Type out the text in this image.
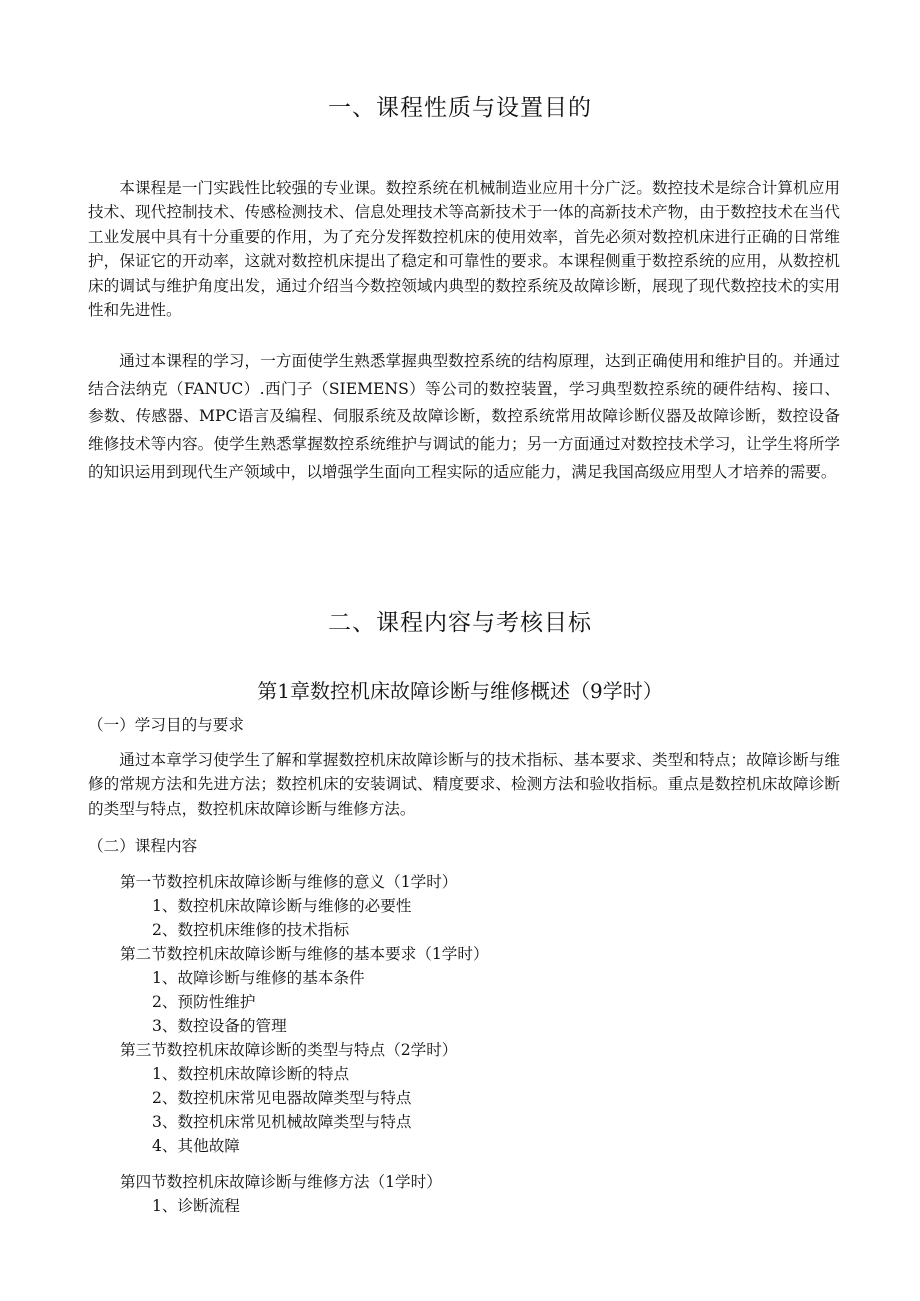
一、课程性质与设置目的

本课程是一门实践性比较强的专业课。数控系统在机械制造业应用十分广泛。数控技术是综合计算机应用技术、现代控制技术、传感检测技术、信息处理技术等高新技术于一体的高新技术产物，由于数控技术在当代工业发展中具有十分重要的作用，为了充分发挥数控机床的使用效率，首先必须对数控机床进行正确的日常维护，保证它的开动率，这就对数控机床提出了稳定和可靠性的要求。本课程侧重于数控系统的应用，从数控机床的调试与维护角度出发，通过介绍当今数控领域内典型的数控系统及故障诊断，展现了现代数控技术的实用性和先进性。

通过本课程的学习，一方面使学生熟悉掌握典型数控系统的结构原理，达到正确使用和维护目的。并通过结合法纳克（FANUC）.西门子（SIEMENS）等公司的数控装置，学习典型数控系统的硬件结构、接口、参数、传感器、MPC语言及编程、伺服系统及故障诊断，数控系统常用故障诊断仪器及故障诊断，数控设备维修技术等内容。使学生熟悉掌握数控系统维护与调试的能力；另一方面通过对数控技术学习，让学生将所学的知识运用到现代生产领域中，以增强学生面向工程实际的适应能力，满足我国高级应用型人才培养的需要。

二、课程内容与考核目标
第1章数控机床故障诊断与维修概述（9学时）

（一）学习目的与要求

通过本章学习使学生了解和掌握数控机床故障诊断与的技术指标、基本要求、类型和特点；故障诊断与维修的常规方法和先进方法；数控机床的安装调试、精度要求、检测方法和验收指标。重点是数控机床故障诊断的类型与特点，数控机床故障诊断与维修方法。

（二）课程内容

第一节数控机床故障诊断与维修的意义（1学时）
1、数控机床故障诊断与维修的必要性
2、数控机床维修的技术指标
第二节数控机床故障诊断与维修的基本要求（1学时）
1、故障诊断与维修的基本条件
2、预防性维护
3、数控设备的管理
第三节数控机床故障诊断的类型与特点（2学时）
1、数控机床故障诊断的特点
2、数控机床常见电器故障类型与特点
3、数控机床常见机械故障类型与特点
4、其他故障
第四节数控机床故障诊断与维修方法（1学时）
1、诊断流程
